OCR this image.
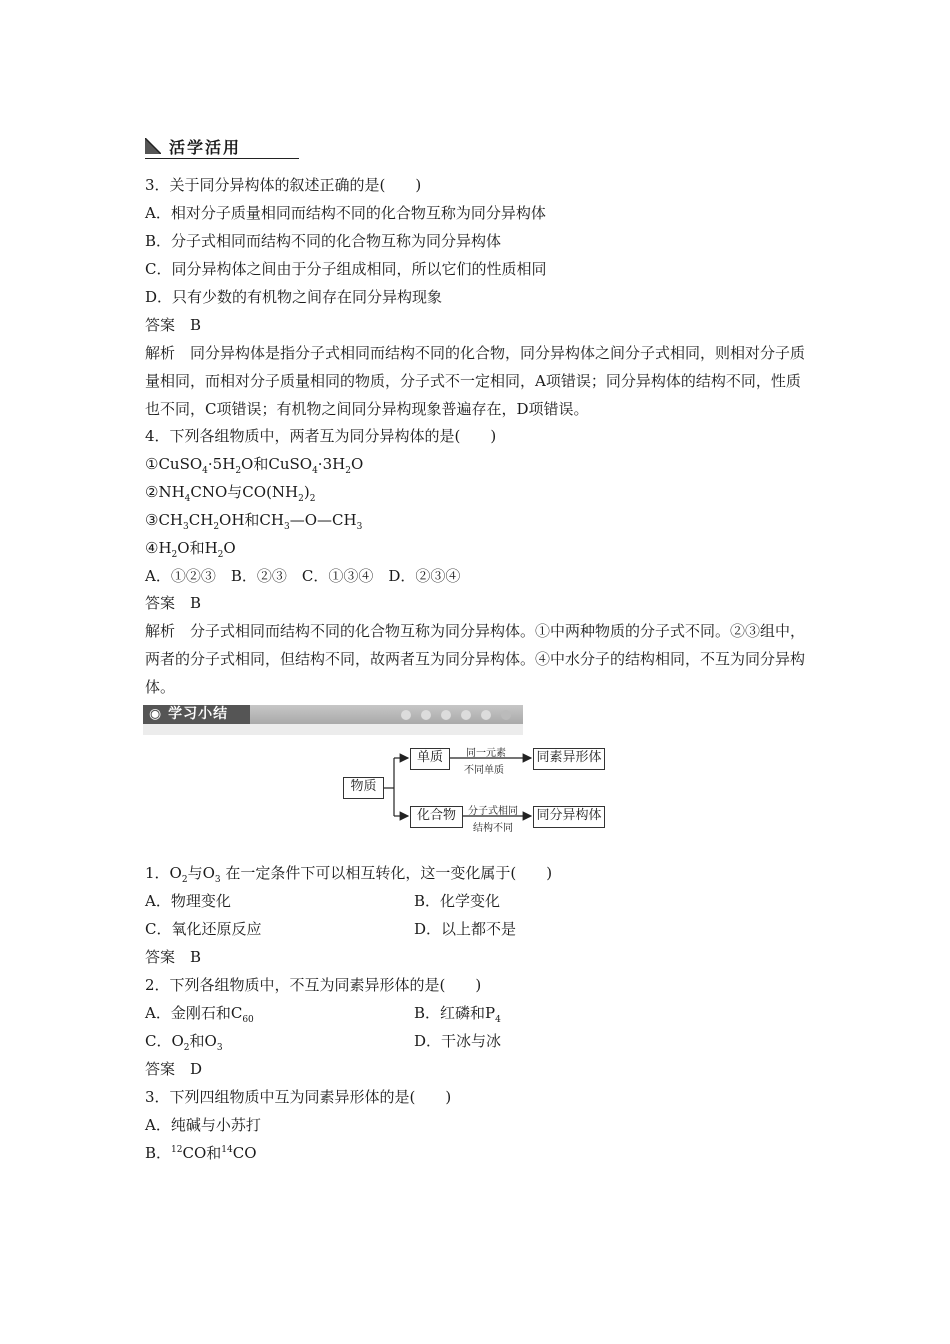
活学活用
3．关于同分异构体的叙述正确的是(　　)
A．相对分子质量相同而结构不同的化合物互称为同分异构体
B．分子式相同而结构不同的化合物互称为同分异构体
C．同分异构体之间由于分子组成相同，所以它们的性质相同
D．只有少数的有机物之间存在同分异构现象
答案　B
解析　同分异构体是指分子式相同而结构不同的化合物，同分异构体之间分子式相同，则相对分子质量相同，而相对分子质量相同的物质，分子式不一定相同，A项错误；同分异构体的结构不同，性质也不同，C项错误；有机物之间同分异构现象普遍存在，D项错误。
4．下列各组物质中，两者互为同分异构体的是(　　)
$①CuSO_4\cdot 5H_2O$和$CuSO_4\cdot 3H_2O$
$②NH_4CNO$与$CO(NH_2)_2$
$③CH_3CH_2OH$和$CH_3—O—CH_3$
$④H_2O$和$H_2O$
A．①②③　B．②③　C．①③④　D．②③④
答案　B
解析　分子式相同而结构不同的化合物互称为同分异构体。①中两种物质的分子式不同。②③组中，两者的分子式相同，但结构不同，故两者互为同分异构体。④中水分子的结构相同，不互为同分异构体。
◉ 学习小结
物质
单质	同一元素
不同单质
同素异形体
化合物	分子式相同
结构不同
同分异构体
1．$O_2$与$O_3$ 在一定条件下可以相互转化，这一变化属于(　　)
A．物理变化	B．化学变化
C．氧化还原反应	D．以上都不是
答案　B
2．下列各组物质中，不互为同素异形体的是(　　)
A．金刚石和$C_{60}$	B．红磷和$P_4$
C．$O_2$和$O_3$	D．干冰与冰
答案　D
3．下列四组物质中互为同素异形体的是(　　)
A．纯碱与小苏打
B．$^{12}$CO和$^{14}$CO
